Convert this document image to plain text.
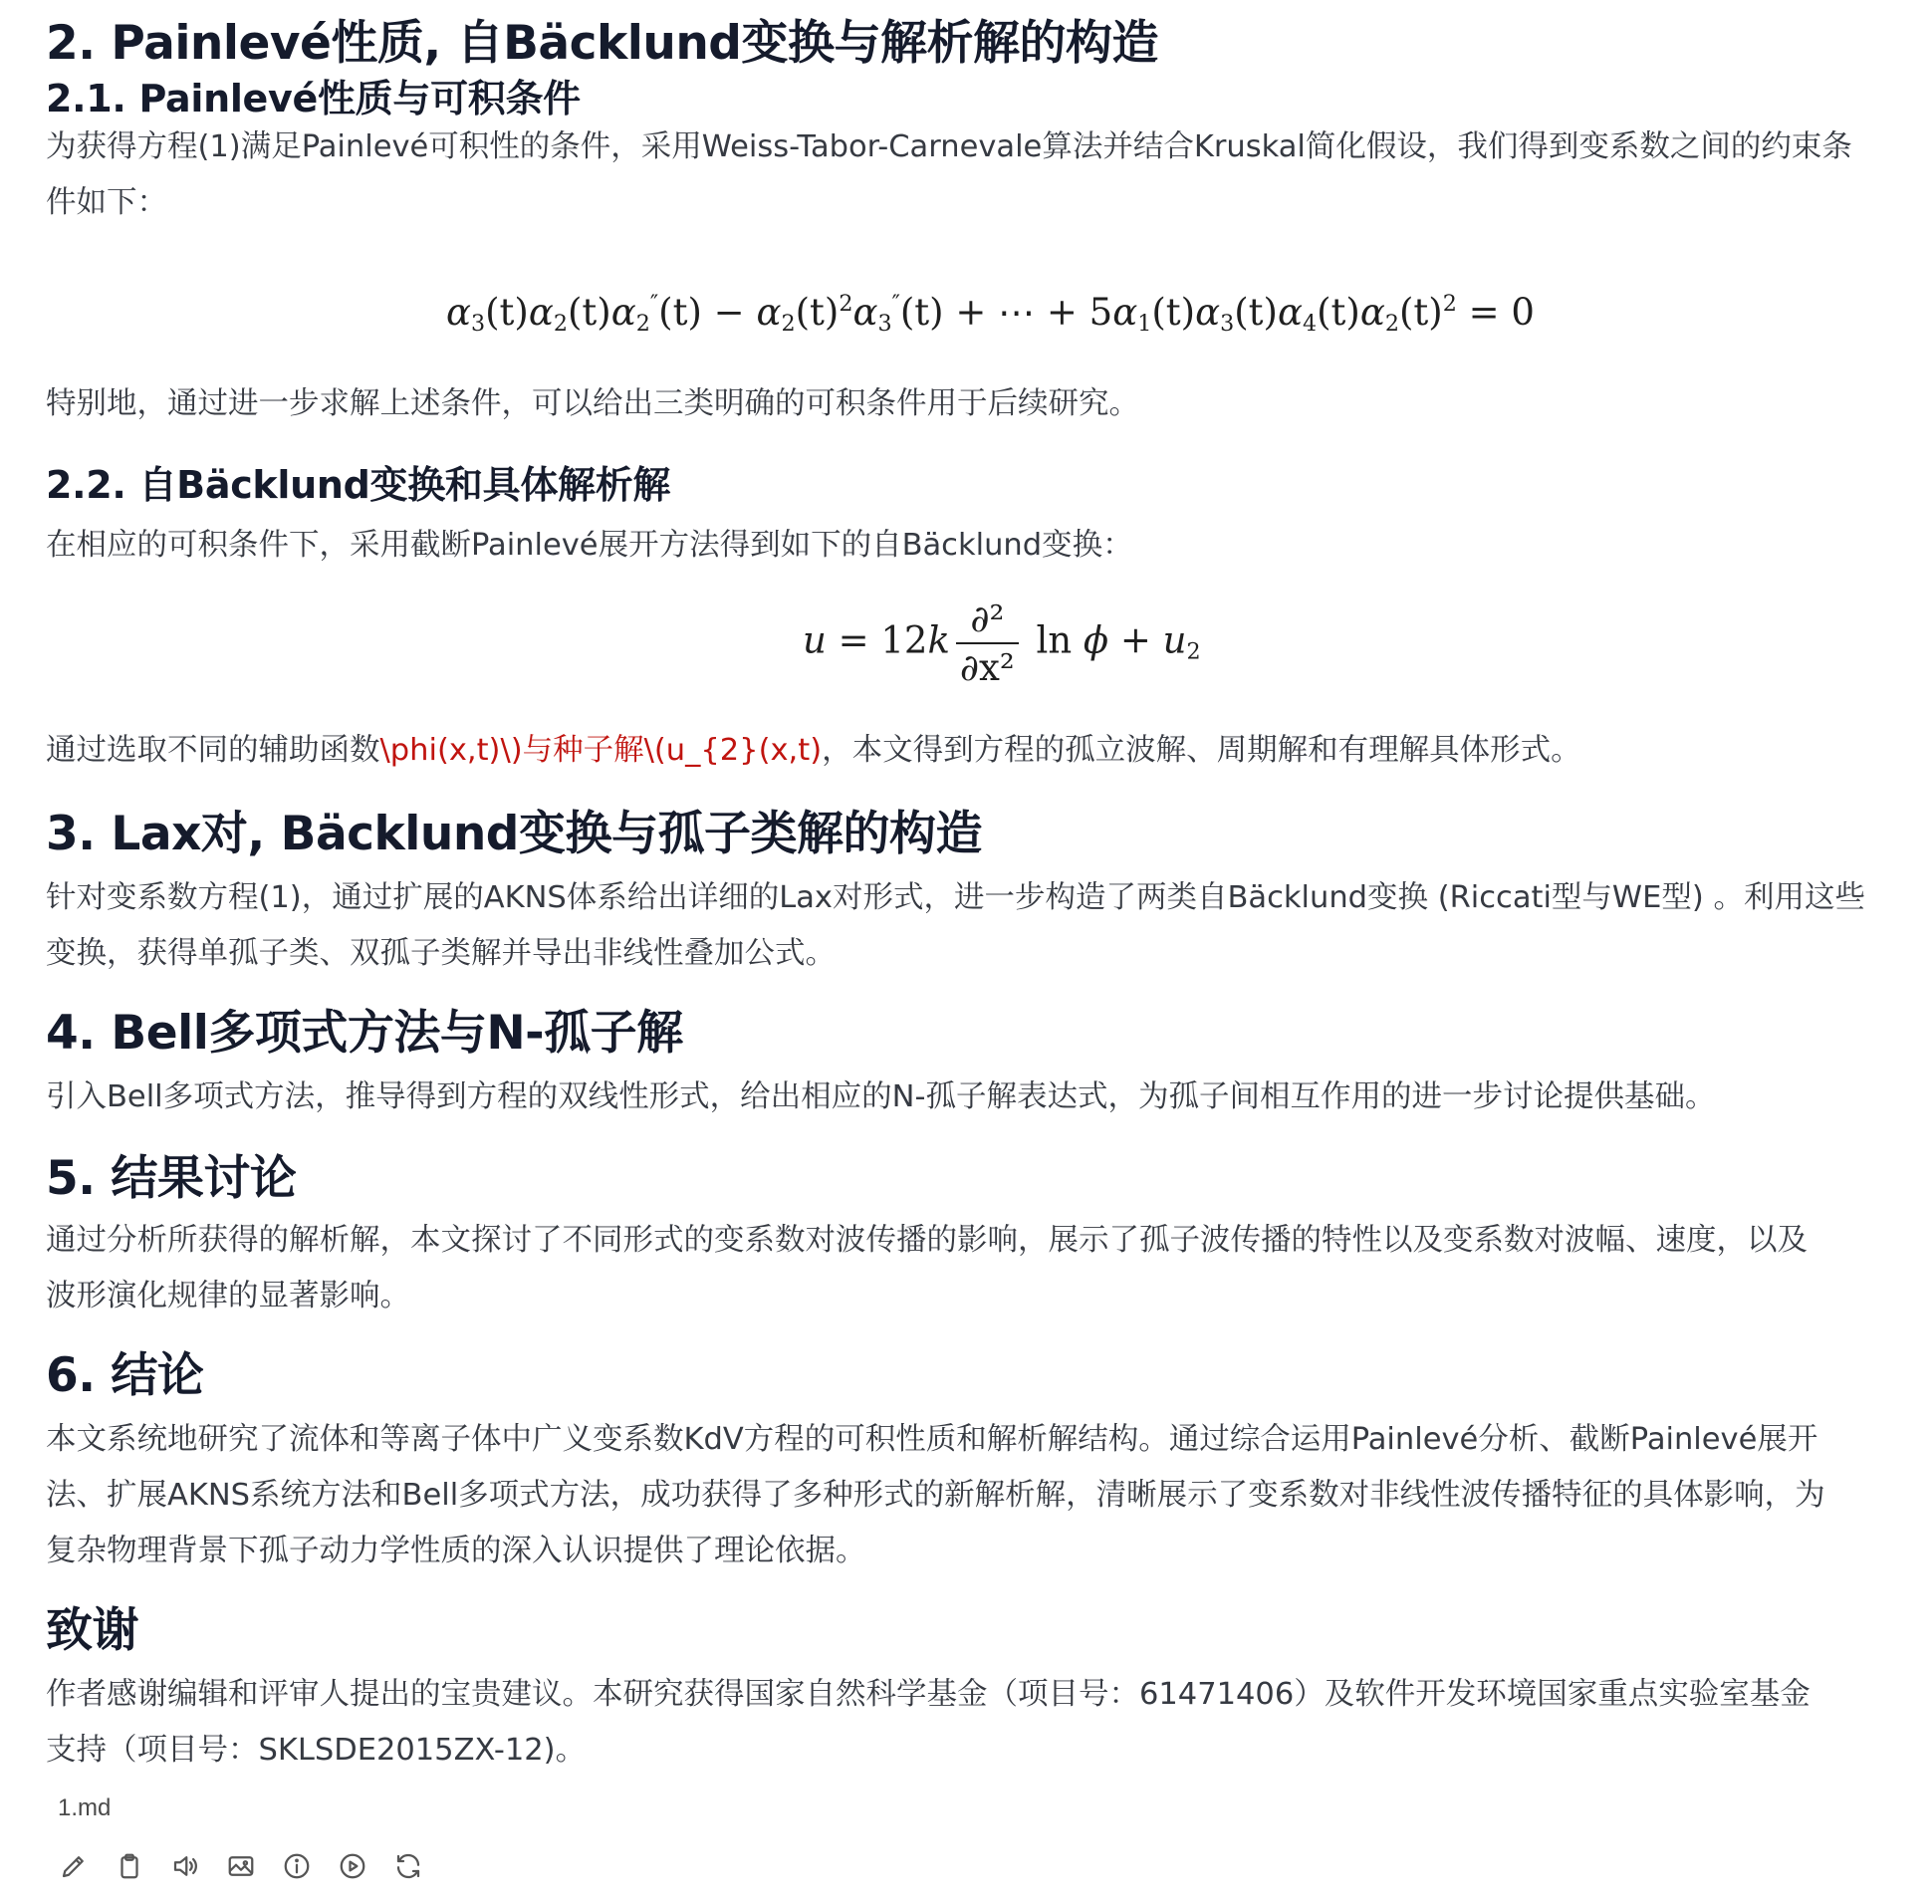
2. Painlevé性质, 自Bäcklund变换与解析解的构造
2.1. Painlevé性质与可积条件
为获得方程(1)满足Painlevé可积性的条件，采用Weiss-Tabor-Carnevale算法并结合Kruskal简化假设，我们得到变系数之间的约束条
件如下：
$\alpha_3(t)\alpha_2(t)\alpha_2''(t) - \alpha_2(t)^2\alpha_3''(t)$ + ⋯ + $5\alpha_1(t)\alpha_3(t)\alpha_4(t)\alpha_2(t)^2 = 0$
特别地，通过进一步求解上述条件，可以给出三类明确的可积条件用于后续研究。
2.2. 自Bäcklund变换和具体解析解
在相应的可积条件下，采用截断Painlevé展开方法得到如下的自Bäcklund变换：
$u = 12k \frac{\text{∂²}}{\text{∂x²}}$ $\ln \phi + u_2$
通过选取不同的辅助函数\phi(x,t)\)与种子解\(u_{2}(x,t)，本文得到方程的孤立波解、周期解和有理解具体形式。
3. Lax对, Bäcklund变换与孤子类解的构造
针对变系数方程(1)，通过扩展的AKNS体系给出详细的Lax对形式，进一步构造了两类自Bäcklund变换 (Riccati型与WE型) 。利用这些
变换，获得单孤子类、双孤子类解并导出非线性叠加公式。
4. Bell多项式方法与N-孤子解
引入Bell多项式方法，推导得到方程的双线性形式，给出相应的N-孤子解表达式，为孤子间相互作用的进一步讨论提供基础。
5. 结果讨论
通过分析所获得的解析解，本文探讨了不同形式的变系数对波传播的影响，展示了孤子波传播的特性以及变系数对波幅、速度，以及
波形演化规律的显著影响。
6. 结论
本文系统地研究了流体和等离子体中广义变系数KdV方程的可积性质和解析解结构。通过综合运用Painlevé分析、截断Painlevé展开
法、扩展AKNS系统方法和Bell多项式方法，成功获得了多种形式的新解析解，清晰展示了变系数对非线性波传播特征的具体影响，为
复杂物理背景下孤子动力学性质的深入认识提供了理论依据。
致谢
作者感谢编辑和评审人提出的宝贵建议。本研究获得国家自然科学基金（项目号：61471406）及软件开发环境国家重点实验室基金
支持（项目号：SKLSDE2015ZX-12)。
1.md
